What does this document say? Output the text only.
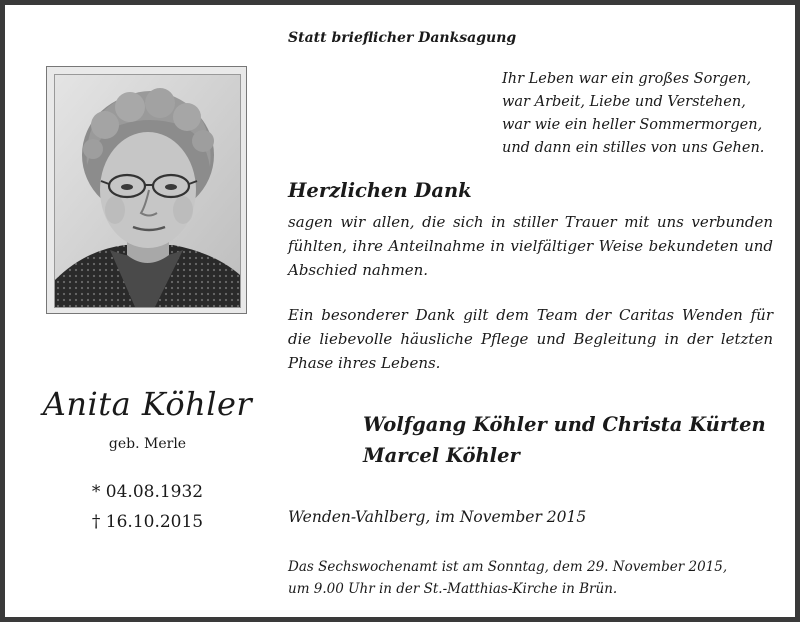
Statt brieflicher Danksagung
Ihr Leben war ein großes Sorgen,
war Arbeit, Liebe und Verstehen,
war wie ein heller Sommermorgen,
und dann ein stilles von uns Gehen.
Herzlichen Dank
sagen wir allen, die sich in stiller Trauer mit uns verbunden fühlten, ihre Anteilnahme in vielfältiger Weise bekundeten und Abschied nahmen.
Ein besonderer Dank gilt dem Team der Caritas Wenden für die liebevolle häusliche Pflege und Begleitung in der letzten Phase ihres Lebens.
Wolfgang Köhler und Christa Kürten
Marcel Köhler
Wenden-Vahlberg, im November 2015
Das Sechswochenamt ist am Sonntag, dem 29. November 2015,
um 9.00 Uhr in der St.-Matthias-Kirche in Brün.
Anita Köhler
geb. Merle
* 04.08.1932
† 16.10.2015
